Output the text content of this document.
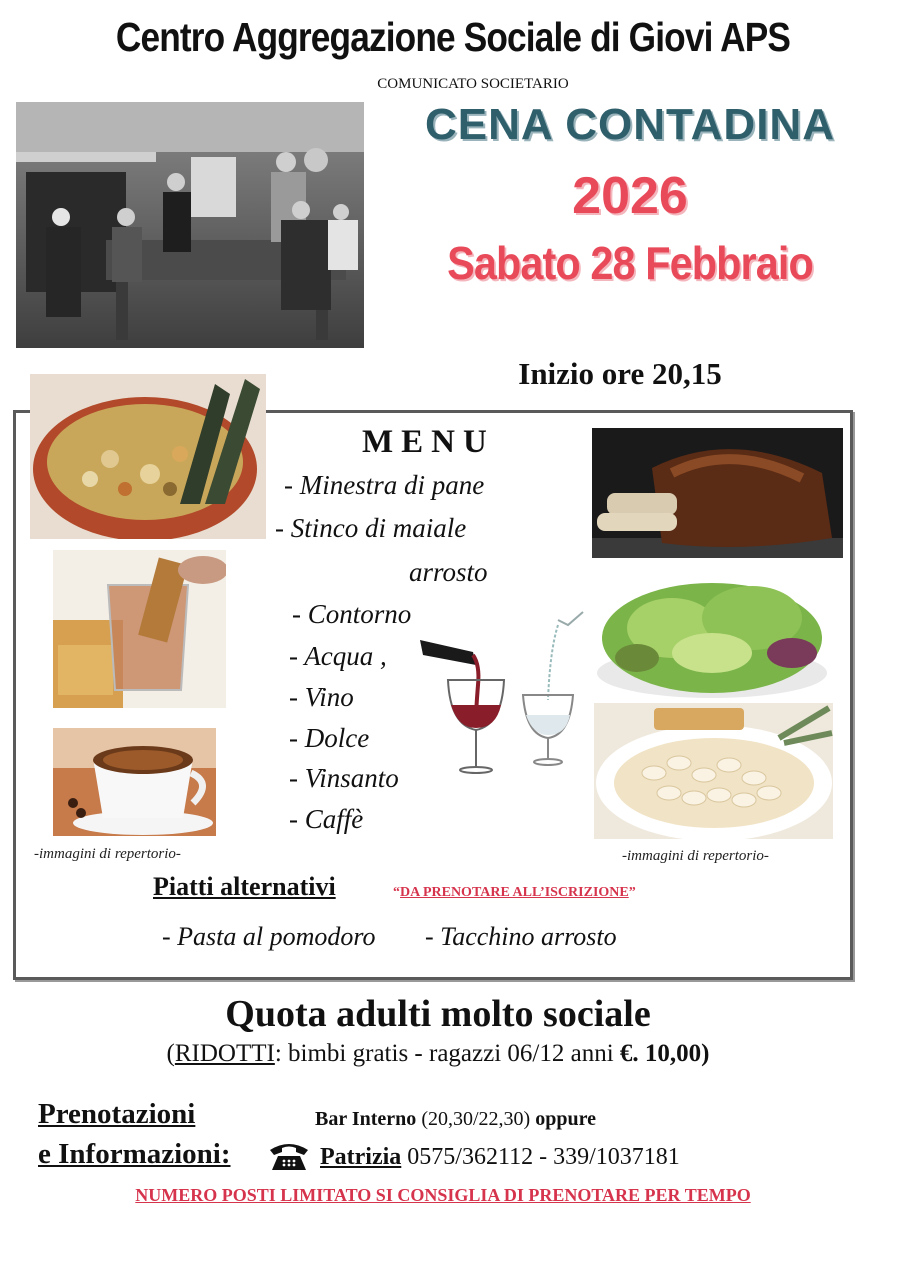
Centro Aggregazione Sociale di Giovi APS
COMUNICATO SOCIETARIO
CENA CONTADINA
2026
Sabato 28 Febbraio
Inizio ore 20,15
-immagini di repertorio-	-immagini di repertorio-
MENU
- Minestra di pane
- Stinco di maiale
arrosto
- Contorno
- Acqua ,
- Vino
- Dolce
- Vinsanto
- Caffè
Piatti alternativi	“DA PRENOTARE ALL’ISCRIZIONE”
- Pasta al pomodoro - Tacchino arrosto
Quota adulti molto sociale
(RIDOTTI: bimbi gratis - ragazzi 06/12 anni €. 10,00)
Prenotazioni
e Informazioni:
Bar Interno (20,30/22,30) oppure
Patrizia 0575/362112 - 339/1037181
NUMERO POSTI LIMITATO SI CONSIGLIA DI PRENOTARE PER TEMPO
